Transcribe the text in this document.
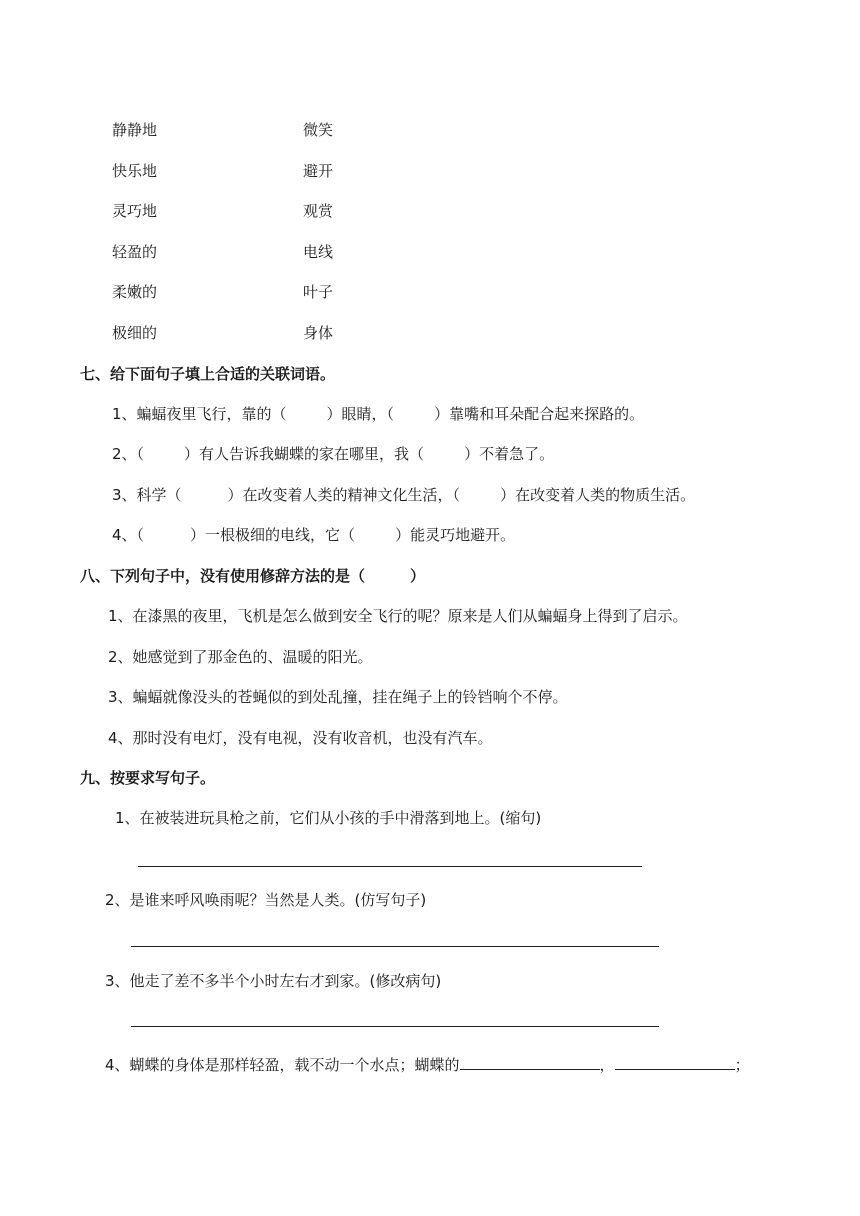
静静地	微笑
快乐地	避开
灵巧地	观赏
轻盈的	电线
柔嫩的	叶子
极细的	身体
七、给下面句子填上合适的关联词语。
1、蝙蝠夜里飞行，靠的（	）眼睛，（	）靠嘴和耳朵配合起来探路的。
2、（	）有人告诉我蝴蝶的家在哪里，我（	）不着急了。
3、科学（	）在改变着人类的精神文化生活，（	）在改变着人类的物质生活。
4、（	）一根极细的电线，它（	）能灵巧地避开。
八、下列句子中，没有使用修辞方法的是（　　　）
1、在漆黑的夜里，飞机是怎么做到安全飞行的呢？原来是人们从蝙蝠身上得到了启示。
2、她感觉到了那金色的、温暖的阳光。
3、蝙蝠就像没头的苍蝇似的到处乱撞，挂在绳子上的铃铛响个不停。
4、那时没有电灯，没有电视，没有收音机，也没有汽车。
九、按要求写句子。
1、在被装进玩具枪之前，它们从小孩的手中滑落到地上。(缩句)
2、是谁来呼风唤雨呢？当然是人类。(仿写句子)
3、他走了差不多半个小时左右才到家。(修改病句)
4、蝴蝶的身体是那样轻盈，载不动一个水点；蝴蝶的	，	；
